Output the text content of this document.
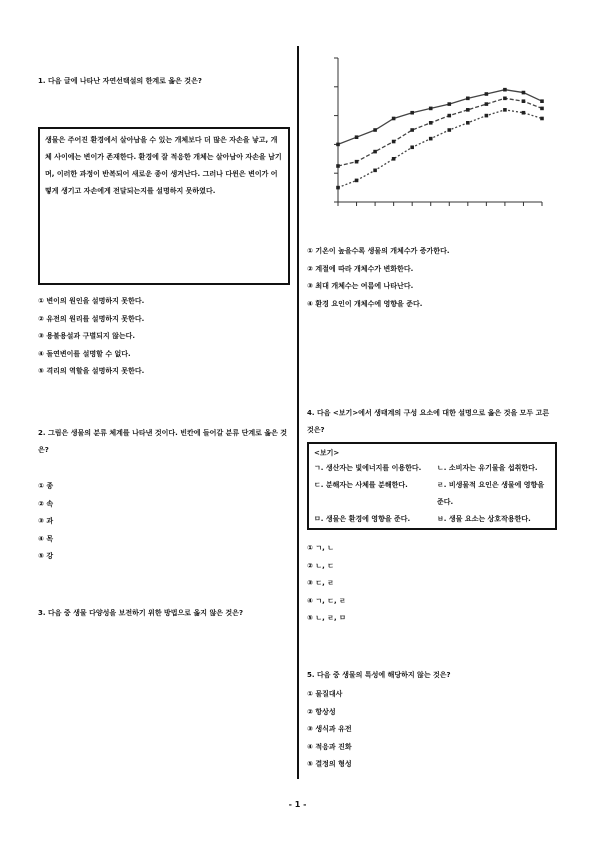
1. 다음 글에 나타난 자연선택설의 한계로 옳은 것은?

생물은 주어진 환경에서 살아남을 수 있는 개체보다 더 많은 자손을 낳고, 개체 사이에는 변이가 존재한다. 환경에 잘 적응한 개체는 살아남아 자손을 남기며, 이러한 과정이 반복되어 새로운 종이 생겨난다. 그러나 다윈은 변이가 어떻게 생기고 자손에게 전달되는지를 설명하지 못하였다.
① 변이의 원인을 설명하지 못한다.
② 유전의 원리를 설명하지 못한다.
③ 용불용설과 구별되지 않는다.
④ 돌연변이를 설명할 수 없다.
⑤ 격리의 역할을 설명하지 못한다.

2. 그림은 생물의 분류 체계를 나타낸 것이다. 빈칸에 들어갈 분류 단계로 옳은 것은?

① 종
② 속
③ 과
④ 목
⑤ 강

3. 다음 중 생물 다양성을 보전하기 위한 방법으로 옳지 않은 것은?

① 기온이 높을수록 생물의 개체수가 증가한다.
② 계절에 따라 개체수가 변화한다.
③ 최대 개체수는 여름에 나타난다.
④ 환경 요인이 개체수에 영향을 준다.

4. 다음 <보기>에서 생태계의 구성 요소에 대한 설명으로 옳은 것을 모두 고른 것은?

<보기>
ㄱ. 생산자는 빛에너지를 이용한다.	ㄴ. 소비자는 유기물을 섭취한다.
ㄷ. 분해자는 사체를 분해한다.	ㄹ. 비생물적 요인은 생물에 영향을 준다.
ㅁ. 생물은 환경에 영향을 준다.	ㅂ. 생물 요소는 상호작용한다.
① ㄱ, ㄴ
② ㄴ, ㄷ
③ ㄷ, ㄹ
④ ㄱ, ㄷ, ㄹ
⑤ ㄴ, ㄹ, ㅁ

5. 다음 중 생물의 특성에 해당하지 않는 것은?

① 물질대사
② 항상성
③ 생식과 유전
④ 적응과 진화
⑤ 결정의 형성
- 1 -
